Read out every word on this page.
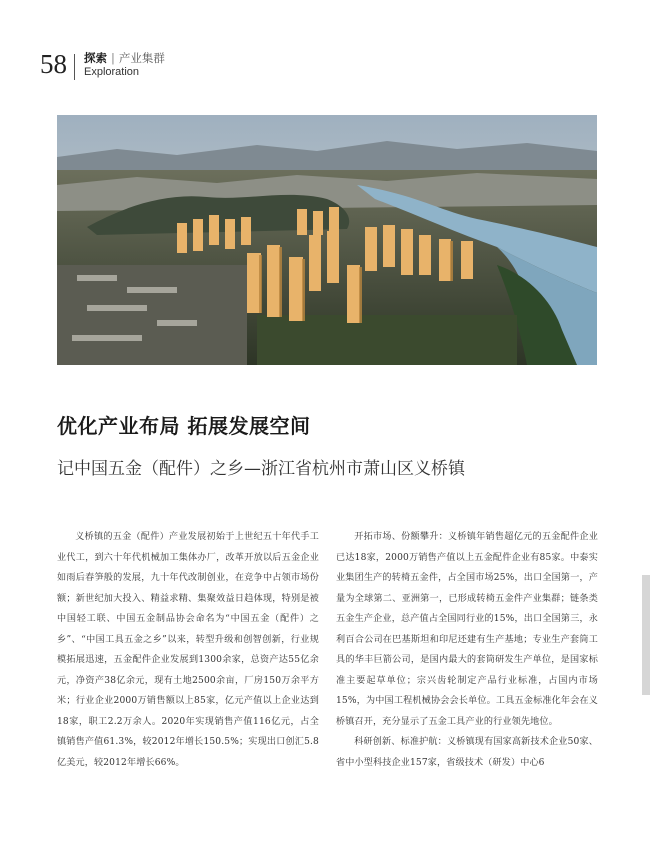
58 探索 | 产业集群
Exploration
优化产业布局 拓展发展空间
记中国五金（配件）之乡—浙江省杭州市萧山区义桥镇

义桥镇的五金（配件）产业发展初始于上世纪五十年代手工业代工，到六十年代机械加工集体办厂，改革开放以后五金企业如雨后春笋般的发展，九十年代改制创业，在竞争中占领市场份额；新世纪加大投入、精益求精、集聚效益日趋体现，特别是被中国轻工联、中国五金制品协会命名为“中国五金（配件）之乡”、“中国工具五金之乡”以来，转型升级和创智创新，行业规模拓展迅速，五金配件企业发展到1300余家，总资产达55亿余元，净资产38亿余元，现有土地2500余亩，厂房150万余平方米；行业企业2000万销售额以上85家，亿元产值以上企业达到18家，职工2.2万余人。2020年实现销售产值116亿元，占全镇销售产值61.3%，较2012年增长150.5%；实现出口创汇5.8亿美元，较2012年增长66%。

开拓市场、份额攀升：义桥镇年销售超亿元的五金配件企业已达18家，2000万销售产值以上五金配件企业有85家。中泰实业集团生产的转椅五金件，占全国市场25%，出口全国第一，产量为全球第二、亚洲第一，已形成转椅五金件产业集群；链条类五金生产企业，总产值占全国同行业的15%，出口全国第三，永利百合公司在巴基斯坦和印尼还建有生产基地；专业生产套筒工具的华丰巨箭公司，是国内最大的套筒研发生产单位，是国家标准主要起草单位；宗兴齿轮制定产品行业标准，占国内市场15%，为中国工程机械协会会长单位。工具五金标准化年会在义桥镇召开，充分显示了五金工具产业的行业领先地位。

科研创新、标准护航：义桥镇现有国家高新技术企业50家、省中小型科技企业157家，省级技术（研发）中心6
